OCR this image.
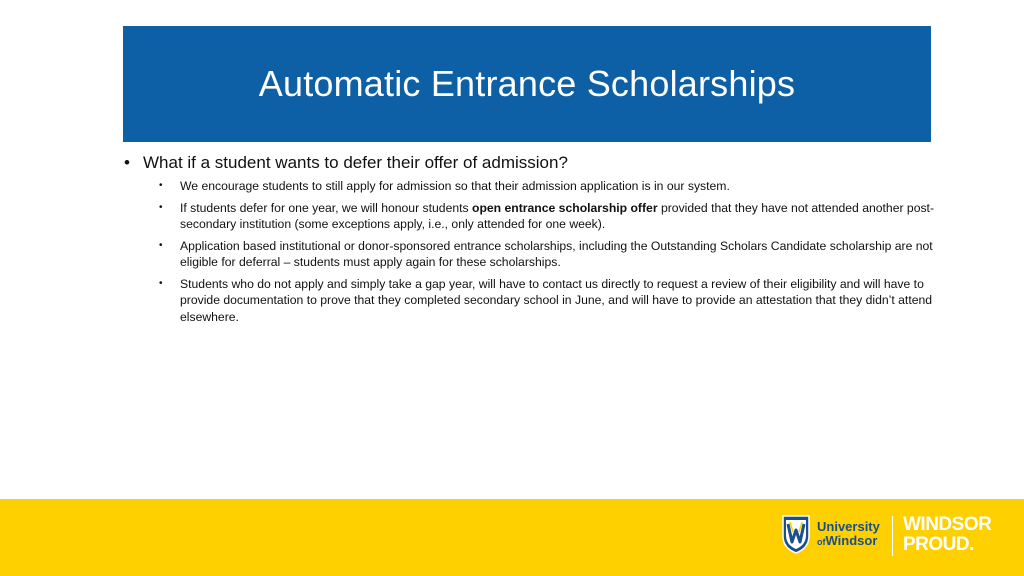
Automatic Entrance Scholarships
• What if a student wants to defer their offer of admission?
•	We encourage students to still apply for admission so that their admission application is in our system.
•	If students defer for one year, we will honour students open entrance scholarship offer provided that they have not attended another post-secondary institution (some exceptions apply, i.e., only attended for one week).
•	Application based institutional or donor-sponsored entrance scholarships, including the Outstanding Scholars Candidate scholarship are not eligible for deferral – students must apply again for these scholarships.
•	Students who do not apply and simply take a gap year, will have to contact us directly to request a review of their eligibility and will have to provide documentation to prove that they completed secondary school in June, and will have to provide an attestation that they didn’t attend elsewhere.
University
ofWindsor
WINDSOR
PROUD.
